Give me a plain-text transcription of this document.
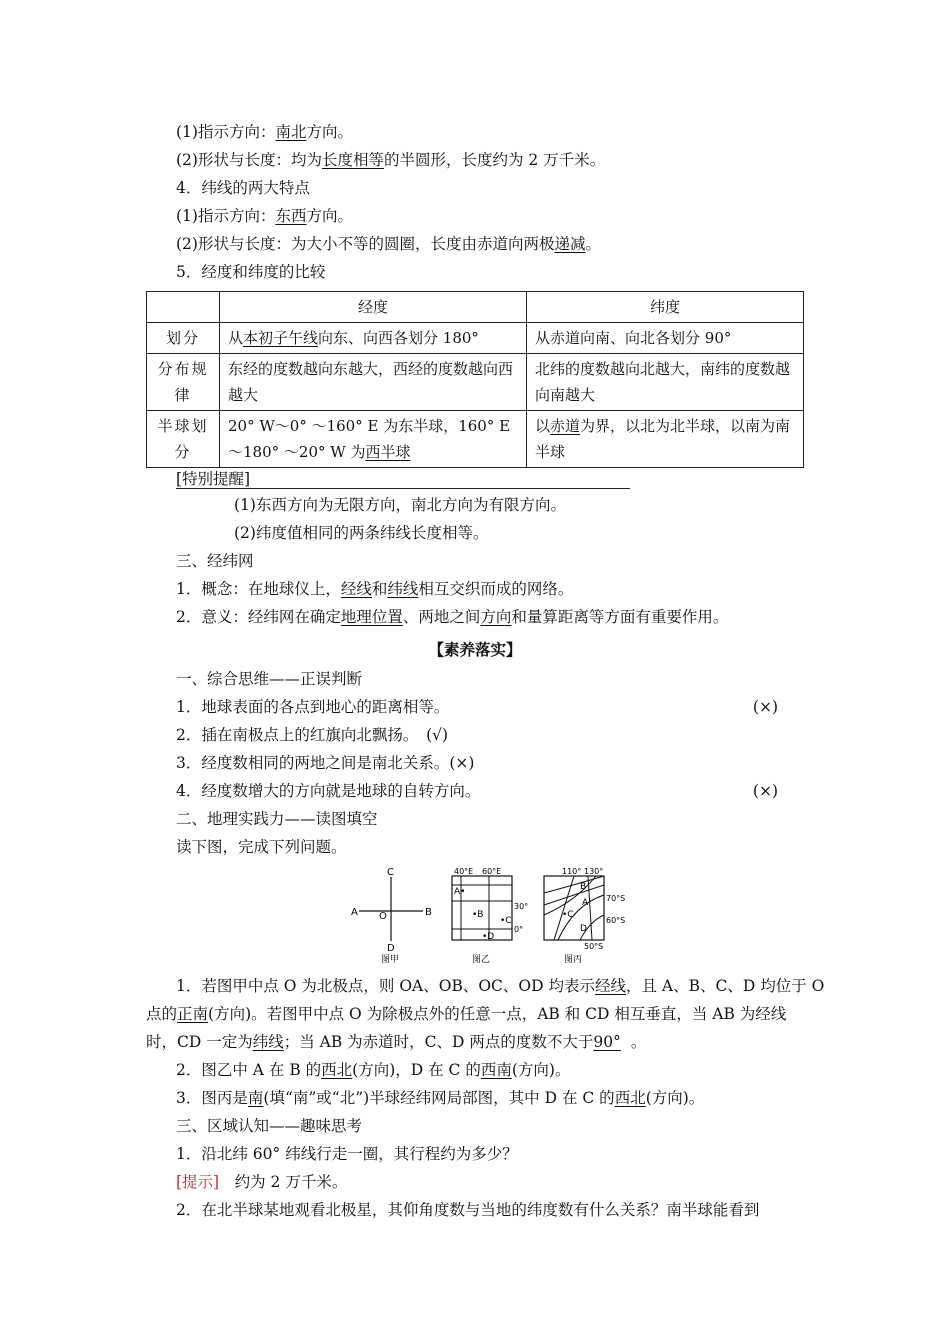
(1)指示方向：南北方向。
(2)形状与长度：均为长度相等的半圆形，长度约为 2 万千米。
4．纬线的两大特点
(1)指示方向：东西方向。
(2)形状与长度：为大小不等的圆圈，长度由赤道向两极递减。
5．经度和纬度的比较
	经度	纬度
划分	从本初子午线向东、向西各划分 180°	从赤道向南、向北各划分 90°
分布规律	东经的度数越向东越大，西经的度数越向西越大	北纬的度数越向北越大，南纬的度数越向南越大
半球划分	20° W～0° ～160° E 为东半球，160° E ～180° ～20° W 为西半球	以赤道为界，以北为北半球，以南为南半球
[特别提醒]
(1)东西方向为无限方向，南北方向为有限方向。
(2)纬度值相同的两条纬线长度相等。
三、经纬网
1．概念：在地球仪上，经线和纬线相互交织而成的网络。
2．意义：经纬网在确定地理位置、两地之间方向和量算距离等方面有重要作用。
【素养落实】
一、综合思维——正误判断
1．地球表面的各点到地心的距离相等。	(×)
2．插在南极点上的红旗向北飘扬。　(√)
3．经度数相同的两地之间是南北关系。(×)
4．经度数增大的方向就是地球的自转方向。	(×)
二、地理实践力——读图填空
读下图，完成下列问题。
C
A O	B
D
图甲
40°E 60°E
30°
0°
A•
•B
•C
•D
图乙
110° 130°
70°S
60°S
50°S
B
A
•C
D
图丙
1．若图甲中点 O 为北极点，则 OA、OB、OC、OD 均表示经线，且 A、B、C、D 均位于 O
点的正南(方向)。若图甲中点 O 为除极点外的任意一点，AB 和 CD 相互垂直，当 AB 为经线
时，CD 一定为纬线；当 AB 为赤道时，C、D 两点的度数不大于90° 。
2．图乙中 A 在 B 的西北(方向)，D 在 C 的西南(方向)。
3．图丙是南(填“南”或“北”)半球经纬网局部图，其中 D 在 C 的西北(方向)。
三、区域认知——趣味思考
1．沿北纬 60° 纬线行走一圈，其行程约为多少？
[提示]　 约为 2 万千米。
2．在北半球某地观看北极星，其仰角度数与当地的纬度数有什么关系？南半球能看到
